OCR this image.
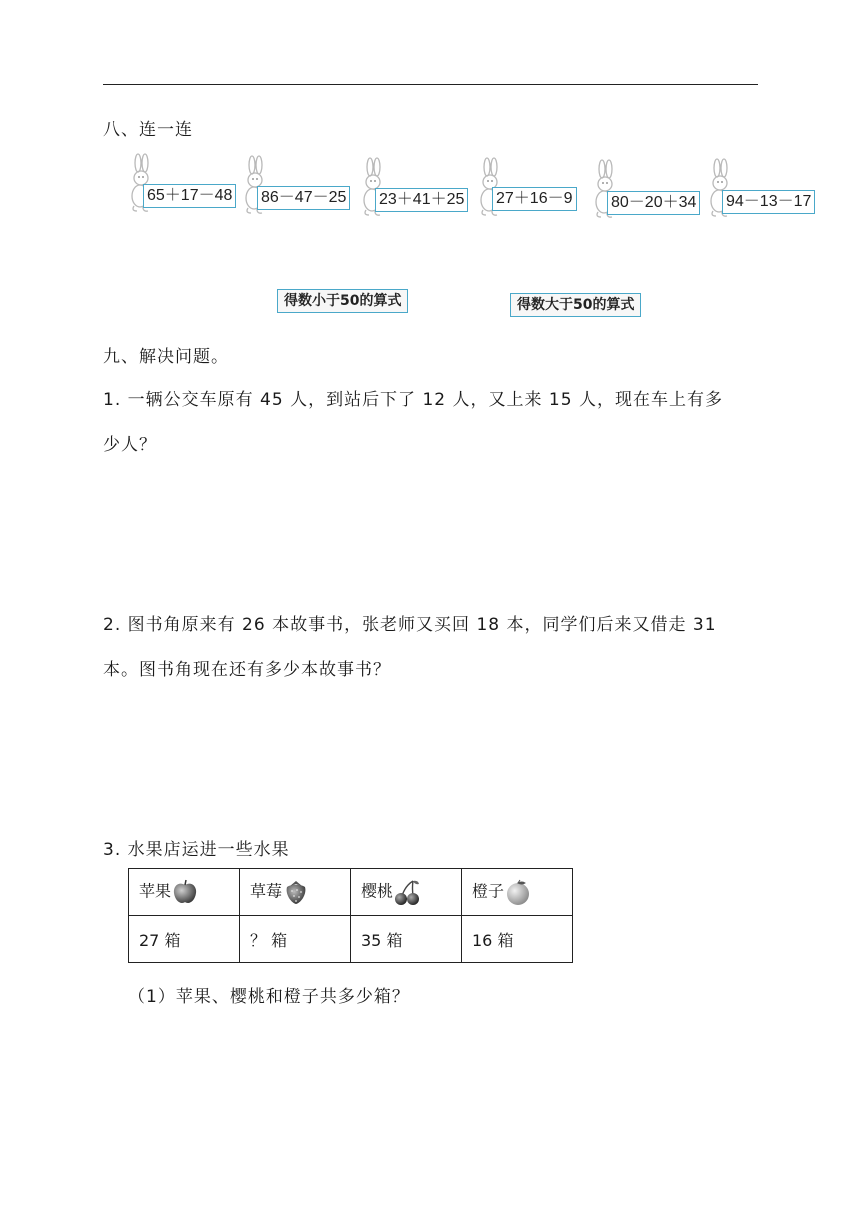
八、连一连
65＋17－48 86－47－25 23＋41＋25 27＋16－9 80－20＋34 94－13－17
得数小于50的算式	得数大于50的算式
九、解决问题。
1. 一辆公交车原有 45 人，到站后下了 12 人，又上来 15 人，现在车上有多
少人？
2. 图书角原来有 26 本故事书，张老师又买回 18 本，同学们后来又借走 31
本。图书角现在还有多少本故事书？
3. 水果店运进一些水果
苹果	草莓	樱桃	橙子
27 箱	？ 箱	35 箱	16 箱
（1）苹果、樱桃和橙子共多少箱？
